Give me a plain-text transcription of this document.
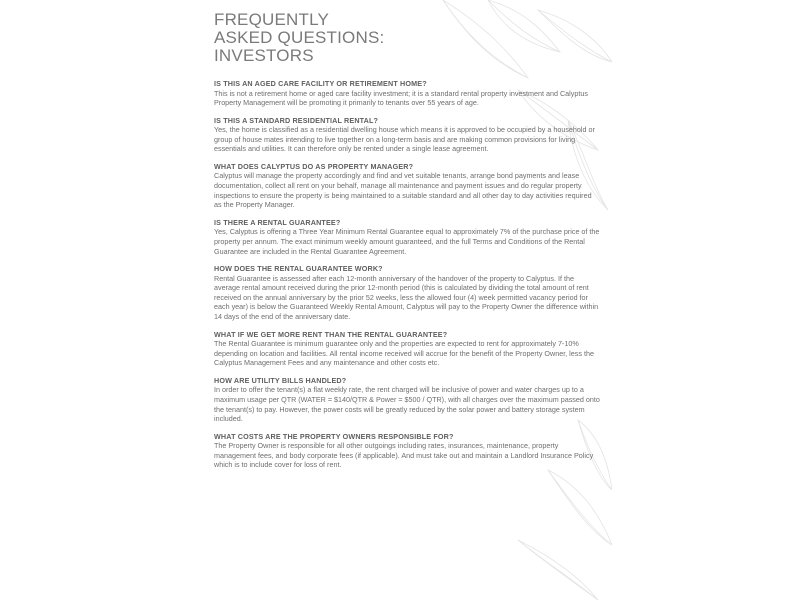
FREQUENTLY
ASKED QUESTIONS:
INVESTORS

IS THIS AN AGED CARE FACILITY OR RETIREMENT HOME?

This is not a retirement home or aged care facility investment; it is a standard rental property investment and Calyptus Property Management will be promoting it primarily to tenants over 55 years of age.

IS THIS A STANDARD RESIDENTIAL RENTAL?

Yes, the home is classified as a residential dwelling house which means it is approved to be occupied by a household or group of house mates intending to live together on a long-term basis and are making common provisions for living essentials and utilities. It can therefore only be rented under a single lease agreement.

WHAT DOES CALYPTUS DO AS PROPERTY MANAGER?

Calyptus will manage the property accordingly and find and vet suitable tenants, arrange bond payments and lease documentation, collect all rent on your behalf, manage all maintenance and payment issues and do regular property inspections to ensure the property is being maintained to a suitable standard and all other day to day activities required as the Property Manager.

IS THERE A RENTAL GUARANTEE?

Yes, Calyptus is offering a Three Year Minimum Rental Guarantee equal to approximately 7% of the purchase price of the property per annum. The exact minimum weekly amount guaranteed, and the full Terms and Conditions of the Rental Guarantee are included in the Rental Guarantee Agreement.

HOW DOES THE RENTAL GUARANTEE WORK?

Rental Guarantee is assessed after each 12-month anniversary of the handover of the property to Calyptus. If the average rental amount received during the prior 12-month period (this is calculated by dividing the total amount of rent received on the annual anniversary by the prior 52 weeks, less the allowed four (4) week permitted vacancy period for each year) is below the Guaranteed Weekly Rental Amount, Calyptus will pay to the Property Owner the difference within 14 days of the end of the anniversary date.

WHAT IF WE GET MORE RENT THAN THE RENTAL GUARANTEE?

The Rental Guarantee is minimum guarantee only and the properties are expected to rent for approximately 7-10% depending on location and facilities. All rental income received will accrue for the benefit of the Property Owner, less the Calyptus Management Fees and any maintenance and other costs etc.

HOW ARE UTILITY BILLS HANDLED?

In order to offer the tenant(s) a flat weekly rate, the rent charged will be inclusive of power and water charges up to a maximum usage per QTR (WATER = $140/QTR & Power = $500 / QTR), with all charges over the maximum passed onto the tenant(s) to pay. However, the power costs will be greatly reduced by the solar power and battery storage system included.

WHAT COSTS ARE THE PROPERTY OWNERS RESPONSIBLE FOR?

The Property Owner is responsible for all other outgoings including rates, insurances, maintenance, property management fees, and body corporate fees (if applicable). And must take out and maintain a Landlord Insurance Policy which is to include cover for loss of rent.
